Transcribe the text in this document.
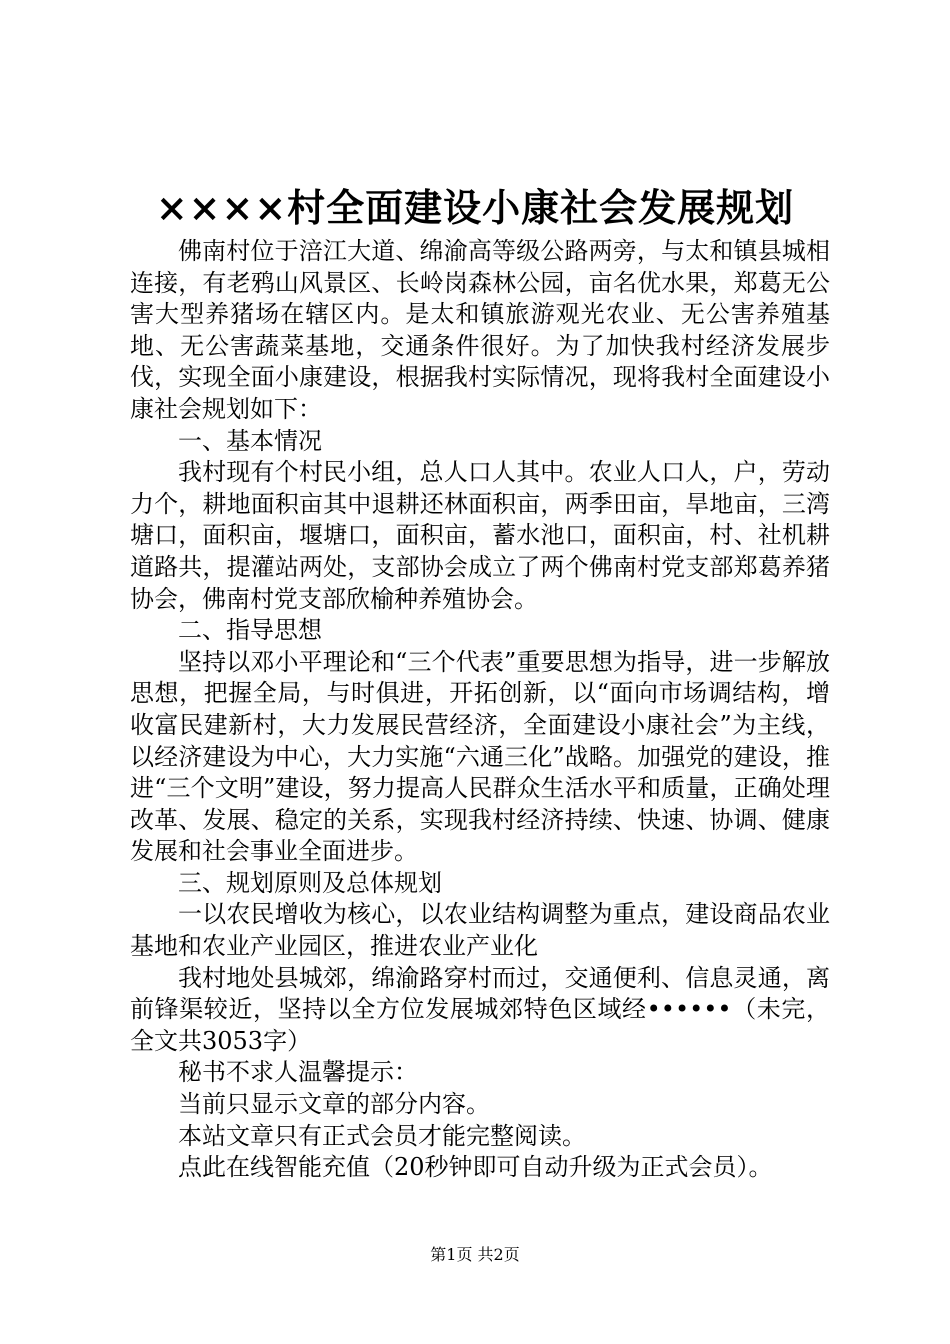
××××村全面建设小康社会发展规划

佛南村位于涪江大道、绵渝高等级公路两旁，与太和镇县城相连接，有老鸦山风景区、长岭岗森林公园，亩名优水果，郑葛无公害大型养猪场在辖区内。是太和镇旅游观光农业、无公害养殖基地、无公害蔬菜基地，交通条件很好。为了加快我村经济发展步伐，实现全面小康建设，根据我村实际情况，现将我村全面建设小康社会规划如下：

一、基本情况

我村现有个村民小组，总人口人其中。农业人口人，户，劳动力个，耕地面积亩其中退耕还林面积亩，两季田亩，旱地亩，三湾塘口，面积亩，堰塘口，面积亩，蓄水池口，面积亩，村、社机耕道路共，提灌站两处，支部协会成立了两个佛南村党支部郑葛养猪协会，佛南村党支部欣榆种养殖协会。

二、指导思想

坚持以邓小平理论和“三个代表”重要思想为指导，进一步解放思想，把握全局，与时俱进，开拓创新，以“面向市场调结构，增收富民建新村，大力发展民营经济，全面建设小康社会”为主线，以经济建设为中心，大力实施“六通三化”战略。加强党的建设，推进“三个文明”建设，努力提高人民群众生活水平和质量，正确处理改革、发展、稳定的关系，实现我村经济持续、快速、协调、健康发展和社会事业全面进步。

三、规划原则及总体规划

一以农民增收为核心，以农业结构调整为重点，建设商品农业基地和农业产业园区，推进农业产业化

我村地处县城郊，绵渝路穿村而过，交通便利、信息灵通，离前锋渠较近，坚持以全方位发展城郊特色区域经••••••（未完，全文共3053字）

秘书不求人温馨提示：

当前只显示文章的部分内容。

本站文章只有正式会员才能完整阅读。

点此在线智能充值（20秒钟即可自动升级为正式会员）。

第1页 共2页
